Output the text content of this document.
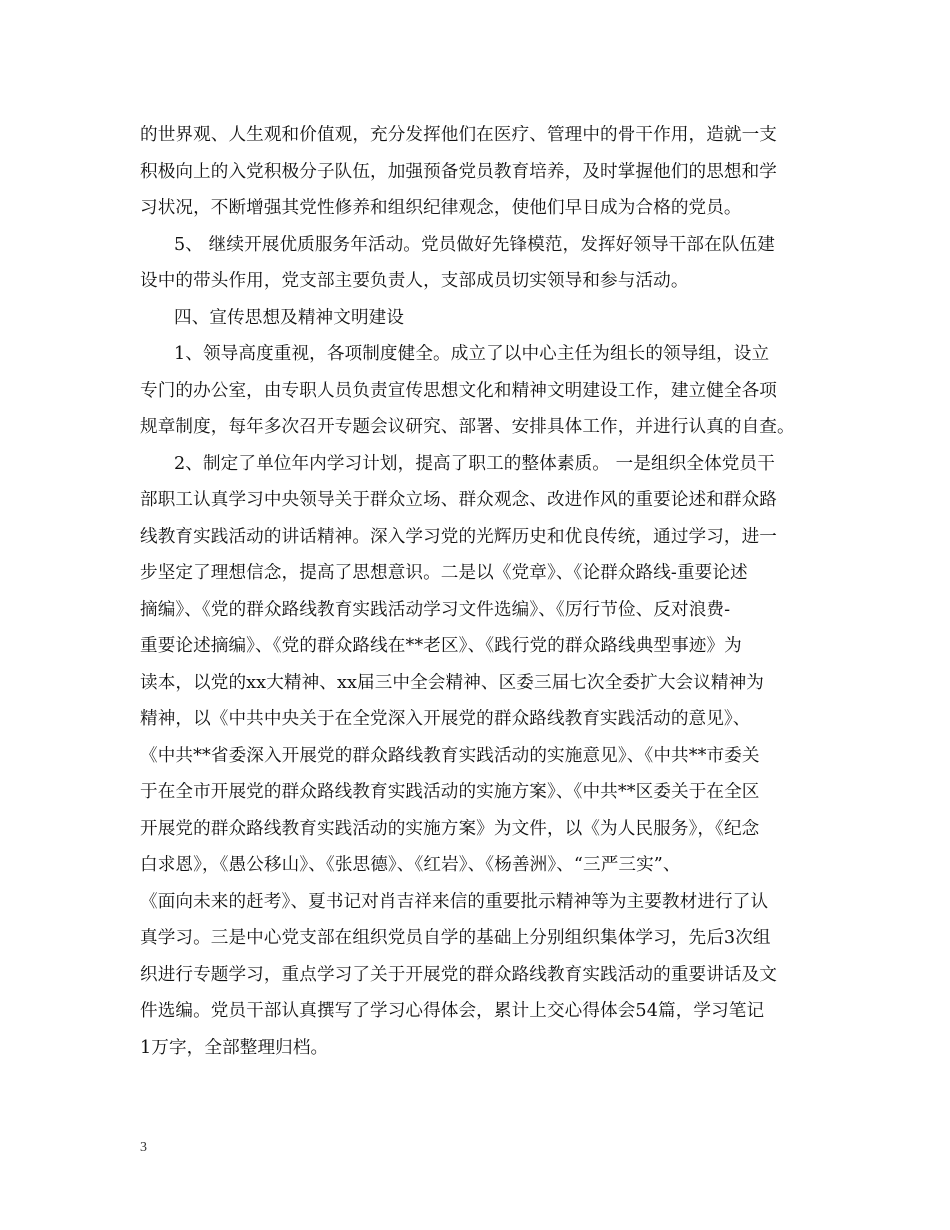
的世界观、人生观和价值观，充分发挥他们在医疗、管理中的骨干作用，造就一支
积极向上的入党积极分子队伍，加强预备党员教育培养，及时掌握他们的思想和学
习状况，不断增强其党性修养和组织纪律观念，使他们早日成为合格的党员。
5、 继续开展优质服务年活动。党员做好先锋模范，发挥好领导干部在队伍建
设中的带头作用，党支部主要负责人，支部成员切实领导和参与活动。
四、宣传思想及精神文明建设
1、领导高度重视，各项制度健全。成立了以中心主任为组长的领导组，设立
专门的办公室，由专职人员负责宣传思想文化和精神文明建设工作，建立健全各项
规章制度，每年多次召开专题会议研究、部署、安排具体工作，并进行认真的自查。
2、制定了单位年内学习计划，提高了职工的整体素质。 一是组织全体党员干
部职工认真学习中央领导关于群众立场、群众观念、改进作风的重要论述和群众路
线教育实践活动的讲话精神。深入学习党的光辉历史和优良传统，通过学习，进一
步坚定了理想信念，提高了思想意识。二是以《党章》、《论群众路线-重要论述
摘编》、《党的群众路线教育实践活动学习文件选编》、《厉行节俭、反对浪费-
重要论述摘编》、《党的群众路线在**老区》、《践行党的群众路线典型事迹》为
读本，以党的xx大精神、xx届三中全会精神、区委三届七次全委扩大会议精神为
精神，以《中共中央关于在全党深入开展党的群众路线教育实践活动的意见》、
《中共**省委深入开展党的群众路线教育实践活动的实施意见》、《中共**市委关
于在全市开展党的群众路线教育实践活动的实施方案》、《中共**区委关于在全区
开展党的群众路线教育实践活动的实施方案》为文件，以《为人民服务》，《纪念
白求恩》，《愚公移山》、《张思德》、《红岩》、《杨善洲》、“三严三实”、
《面向未来的赶考》、夏书记对肖吉祥来信的重要批示精神等为主要教材进行了认
真学习。三是中心党支部在组织党员自学的基础上分别组织集体学习，先后3次组
织进行专题学习，重点学习了关于开展党的群众路线教育实践活动的重要讲话及文
件选编。党员干部认真撰写了学习心得体会，累计上交心得体会54篇，学习笔记
1万字，全部整理归档。
3
